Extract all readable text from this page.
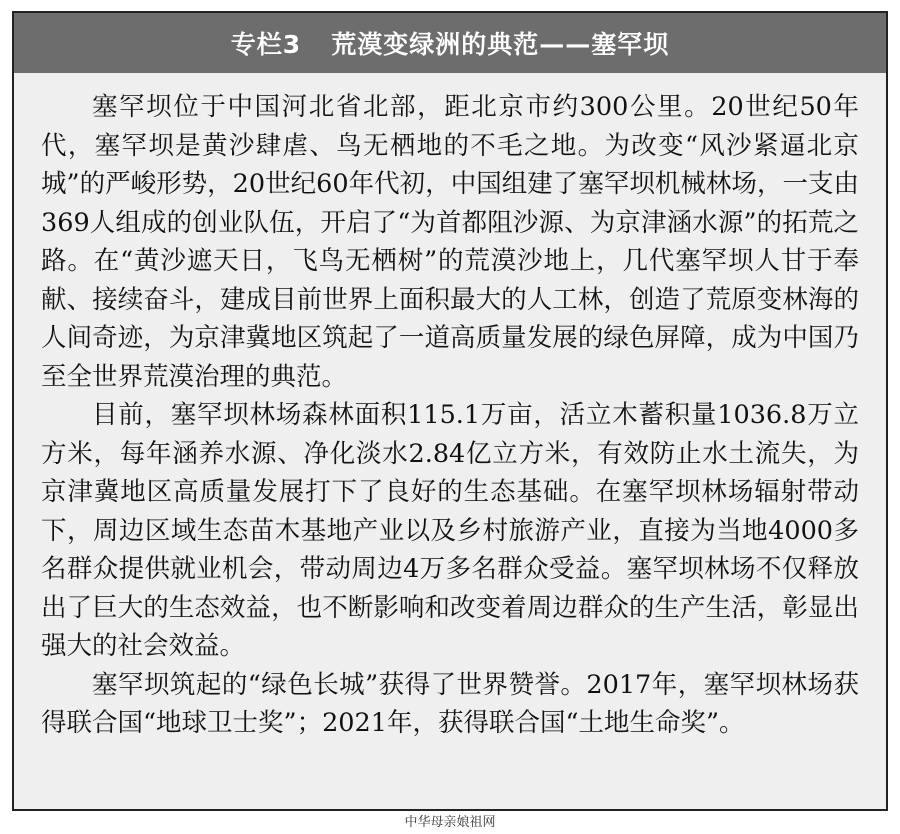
专栏3 荒漠变绿洲的典范——塞罕坝

塞罕坝位于中国河北省北部，距北京市约300公里。20世纪50年代，塞罕坝是黄沙肆虐、鸟无栖地的不毛之地。为改变“风沙紧逼北京城”的严峻形势，20世纪60年代初，中国组建了塞罕坝机械林场，一支由369人组成的创业队伍，开启了“为首都阻沙源、为京津涵水源”的拓荒之路。在“黄沙遮天日，飞鸟无栖树”的荒漠沙地上，几代塞罕坝人甘于奉献、接续奋斗，建成目前世界上面积最大的人工林，创造了荒原变林海的人间奇迹，为京津冀地区筑起了一道高质量发展的绿色屏障，成为中国乃至全世界荒漠治理的典范。

目前，塞罕坝林场森林面积115.1万亩，活立木蓄积量1036.8万立方米，每年涵养水源、净化淡水2.84亿立方米，有效防止水土流失，为京津冀地区高质量发展打下了良好的生态基础。在塞罕坝林场辐射带动下，周边区域生态苗木基地产业以及乡村旅游产业，直接为当地4000多名群众提供就业机会，带动周边4万多名群众受益。塞罕坝林场不仅释放出了巨大的生态效益，也不断影响和改变着周边群众的生产生活，彰显出强大的社会效益。

塞罕坝筑起的“绿色长城”获得了世界赞誉。2017年，塞罕坝林场获得联合国“地球卫士奖”；2021年，获得联合国“土地生命奖”。

中华母亲娘祖网
